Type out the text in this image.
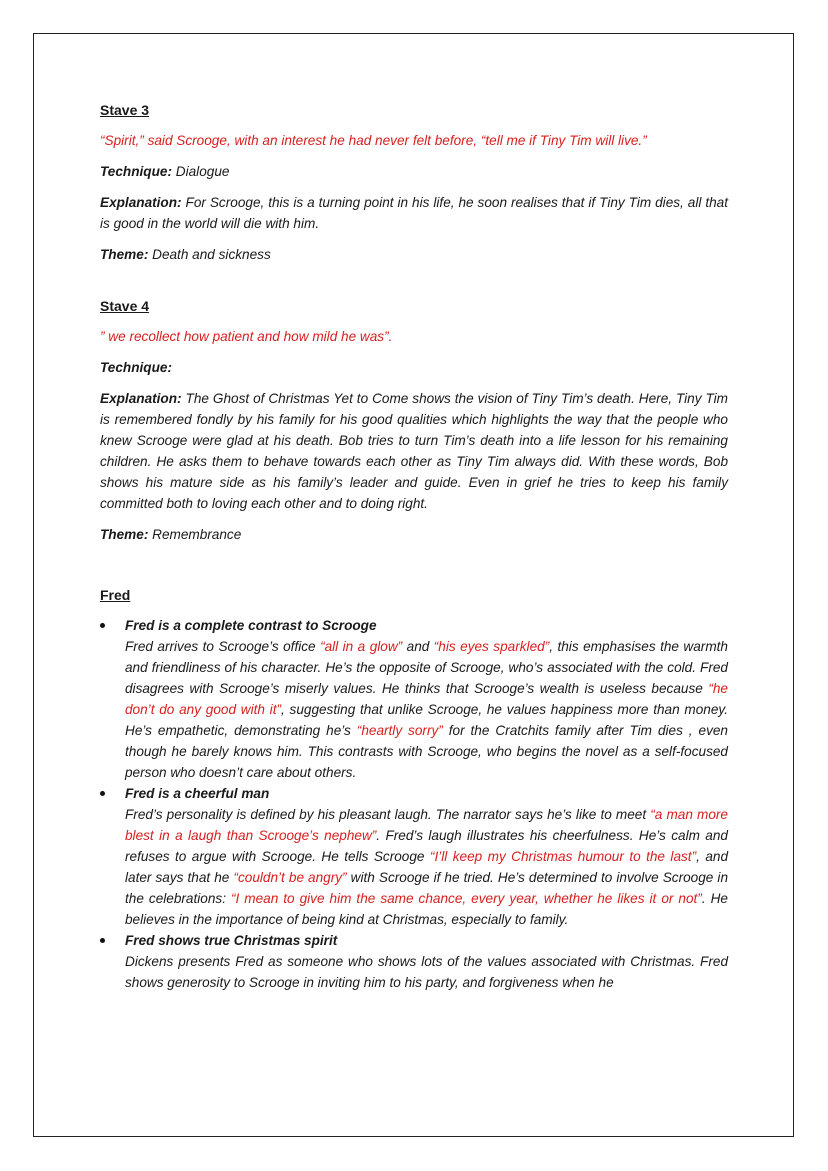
Stave 3

“Spirit,” said Scrooge, with an interest he had never felt before, “tell me if Tiny Tim will live.”

Technique: Dialogue

Explanation: For Scrooge, this is a turning point in his life, he soon realises that if Tiny Tim dies, all that is good in the world will die with him.

Theme: Death and sickness

Stave 4

” we recollect how patient and how mild he was”.

Technique:

Explanation: The Ghost of Christmas Yet to Come shows the vision of Tiny Tim’s death. Here, Tiny Tim is remembered fondly by his family for his good qualities which highlights the way that the people who knew Scrooge were glad at his death. Bob tries to turn Tim’s death into a life lesson for his remaining children. He asks them to behave towards each other as Tiny Tim always did. With these words, Bob shows his mature side as his family’s leader and guide. Even in grief he tries to keep his family committed both to loving each other and to doing right.

Theme: Remembrance

Fred
Fred is a complete contrast to Scrooge

Fred arrives to Scrooge’s office “all in a glow” and “his eyes sparkled”, this emphasises the warmth and friendliness of his character. He’s the opposite of Scrooge, who’s associated with the cold. Fred disagrees with Scrooge’s miserly values. He thinks that Scrooge’s wealth is useless because “he don’t do any good with it”, suggesting that unlike Scrooge, he values happiness more than money. He’s empathetic, demonstrating he’s “heartly sorry” for the Cratchits family after Tim dies , even though he barely knows him. This contrasts with Scrooge, who begins the novel as a self-focused person who doesn’t care about others.

Fred is a cheerful man

Fred’s personality is defined by his pleasant laugh. The narrator says he’s like to meet “a man more blest in a laugh than Scrooge’s nephew”. Fred’s laugh illustrates his cheerfulness. He’s calm and refuses to argue with Scrooge. He tells Scrooge “I’ll keep my Christmas humour to the last”, and later says that he “couldn’t be angry” with Scrooge if he tried. He’s determined to involve Scrooge in the celebrations: “I mean to give him the same chance, every year, whether he likes it or not”. He believes in the importance of being kind at Christmas, especially to family.

Fred shows true Christmas spirit

Dickens presents Fred as someone who shows lots of the values associated with Christmas. Fred shows generosity to Scrooge in inviting him to his party, and forgiveness when he
